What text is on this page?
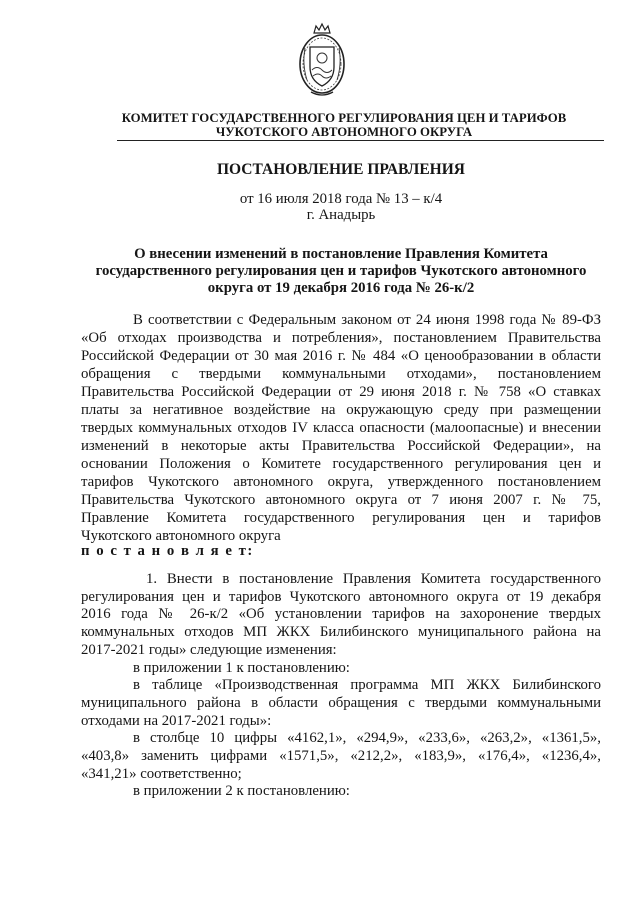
КОМИТЕТ ГОСУДАРСТВЕННОГО РЕГУЛИРОВАНИЯ ЦЕН И ТАРИФОВ
ЧУКОТСКОГО АВТОНОМНОГО ОКРУГА
ПОСТАНОВЛЕНИЕ ПРАВЛЕНИЯ
от 16 июля 2018 года № 13 – к/4
г. Анадырь
О внесении изменений в постановление Правления Комитета
государственного регулирования цен и тарифов Чукотского автономного
округа от 19 декабря 2016 года № 26-к/2
В соответствии с Федеральным законом от 24 июня 1998 года № 89-ФЗ
«Об отходах производства и потребления», постановлением Правительства
Российской Федерации от 30 мая 2016 г. № 484 «О ценообразовании в области
обращения с твердыми коммунальными отходами», постановлением
Правительства Российской Федерации от 29 июня 2018 г. № 758 «О ставках
платы за негативное воздействие на окружающую среду при размещении
твердых коммунальных отходов IV класса опасности (малоопасные) и внесении
изменений в некоторые акты Правительства Российской Федерации», на
основании Положения о Комитете государственного регулирования цен и
тарифов Чукотского автономного округа, утвержденного постановлением
Правительства Чукотского автономного округа от 7 июня 2007 г. № 75,
Правление Комитета государственного регулирования цен и тарифов
Чукотского автономного округа
п о с т а н о в л я е т:
1. Внести в постановление Правления Комитета государственного
регулирования цен и тарифов Чукотского автономного округа от 19 декабря
2016 года № 26-к/2 «Об установлении тарифов на захоронение твердых
коммунальных отходов МП ЖКХ Билибинского муниципального района на
2017-2021 годы» следующие изменения:
в приложении 1 к постановлению:
в таблице «Производственная программа МП ЖКХ Билибинского
муниципального района в области обращения с твердыми коммунальными
отходами на 2017-2021 годы»:
в столбце 10 цифры «4162,1», «294,9», «233,6», «263,2», «1361,5»,
«403,8» заменить цифрами «1571,5», «212,2», «183,9», «176,4», «1236,4»,
«341,21» соответственно;
в приложении 2 к постановлению:
